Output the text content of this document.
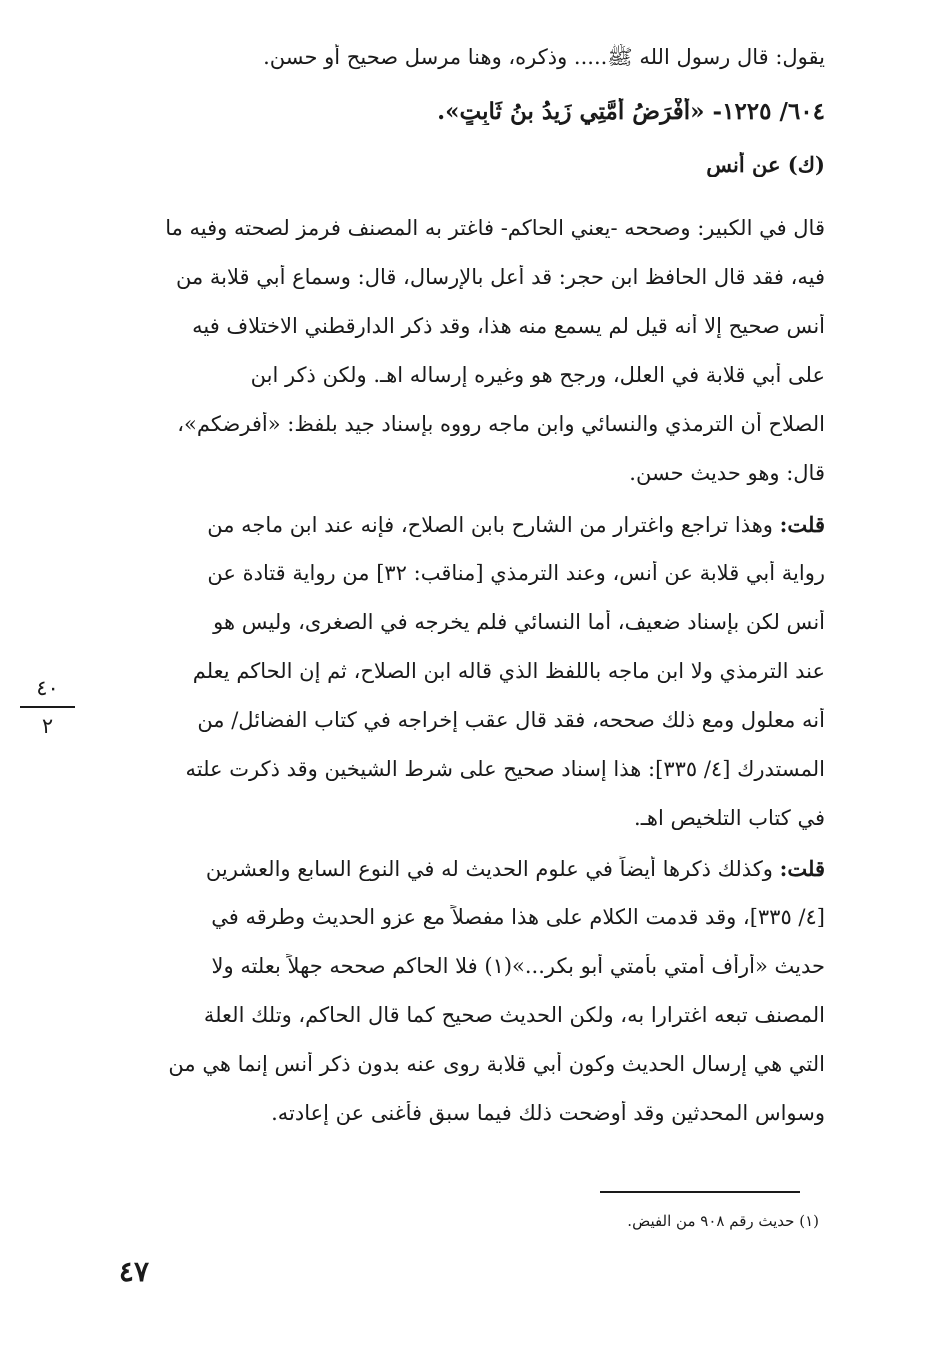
يقول: قال رسول الله ﷺ..... وذكره، وهنا مرسل صحيح أو حسن.
٦٠٤/ ١٢٢٥- «أَفْرَضُ أُمَّتِي زَيدُ بنُ ثَابِتٍ».
(ك) عن أنس
قال في الكبير: وصححه -يعني الحاكم- فاغتر به المصنف فرمز لصحته وفيه ما
فيه، فقد قال الحافظ ابن حجر: قد أعل بالإرسال، قال: وسماع أبي قلابة من
أنس صحيح إلا أنه قيل لم يسمع منه هذا، وقد ذكر الدارقطني الاختلاف فيه
على أبي قلابة في العلل، ورجح هو وغيره إرساله اهـ. ولكن ذكر ابن
الصلاح أن الترمذي والنسائي وابن ماجه رووه بإسناد جيد بلفظ: «أفرضكم»،
قال: وهو حديث حسن.
قلت: وهذا تراجع واغترار من الشارح بابن الصلاح، فإنه عند ابن ماجه من
رواية أبي قلابة عن أنس، وعند الترمذي [مناقب: ٣٢] من رواية قتادة عن
أنس لكن بإسناد ضعيف، أما النسائي فلم يخرجه في الصغرى، وليس هو
عند الترمذي ولا ابن ماجه باللفظ الذي قاله ابن الصلاح، ثم إن الحاكم يعلم
أنه معلول ومع ذلك صححه، فقد قال عقب إخراجه في كتاب الفضائل/ من
المستدرك [٤/ ٣٣٥]: هذا إسناد صحيح على شرط الشيخين وقد ذكرت علته
في كتاب التلخيص اهـ.
قلت: وكذلك ذكرها أيضاً في علوم الحديث له في النوع السابع والعشرين
[٤/ ٣٣٥]، وقد قدمت الكلام على هذا مفصلاً مع عزو الحديث وطرقه في
حديث «أرأف أمتي بأمتي أبو بكر...»(١) فلا الحاكم صححه جهلاً بعلته ولا
المصنف تبعه اغترارا به، ولكن الحديث صحيح كما قال الحاكم، وتلك العلة
التي هي إرسال الحديث وكون أبي قلابة روى عنه بدون ذكر أنس إنما هي من
وسواس المحدثين وقد أوضحت ذلك فيما سبق فأغنى عن إعادته.
٤٠
٢
(١) حديث رقم ٩٠٨ من الفيض.
٤٧
